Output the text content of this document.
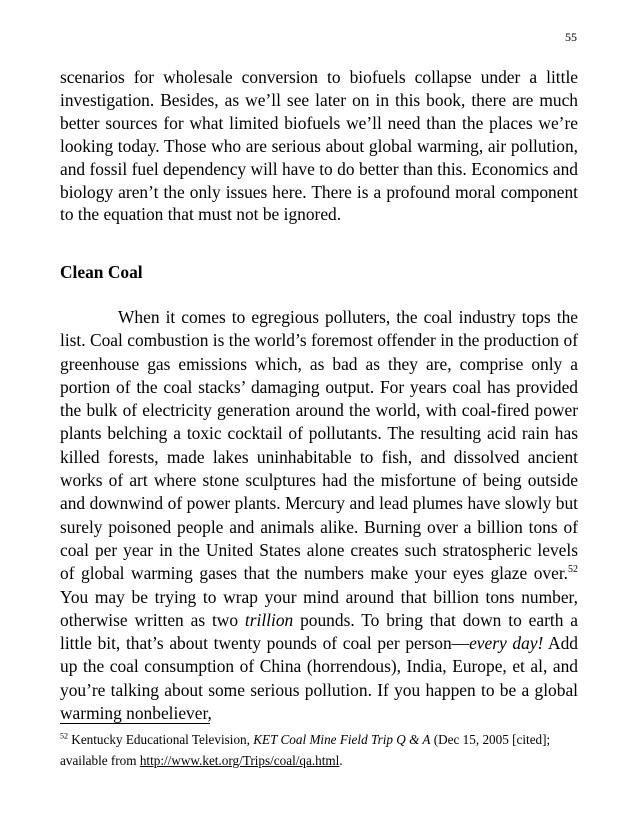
55

scenarios for wholesale conversion to biofuels collapse under a little investigation. Besides, as we’ll see later on in this book, there are much better sources for what limited biofuels we’ll need than the places we’re looking today. Those who are serious about global warming, air pollution, and fossil fuel dependency will have to do better than this. Economics and biology aren’t the only issues here. There is a profound moral component to the equation that must not be ignored.

Clean Coal

When it comes to egregious polluters, the coal industry tops the list. Coal combustion is the world’s foremost offender in the production of greenhouse gas emissions which, as bad as they are, comprise only a portion of the coal stacks’ damaging output. For years coal has provided the bulk of electricity generation around the world, with coal-fired power plants belching a toxic cocktail of pollutants. The resulting acid rain has killed forests, made lakes uninhabitable to fish, and dissolved ancient works of art where stone sculptures had the misfortune of being outside and downwind of power plants. Mercury and lead plumes have slowly but surely poisoned people and animals alike. Burning over a billion tons of coal per year in the United States alone creates such stratospheric levels of global warming gases that the numbers make your eyes glaze over.$^{52}$ You may be trying to wrap your mind around that billion tons number, otherwise written as two trillion pounds. To bring that down to earth a little bit, that’s about twenty pounds of coal per person—every day! Add up the coal consumption of China (horrendous), India, Europe, et al, and you’re talking about some serious pollution. If you happen to be a global warming nonbeliever,

$^{52}$ Kentucky Educational Television, KET Coal Mine Field Trip Q & A (Dec 15, 2005 [cited]; available from http://www.ket.org/Trips/coal/qa.html.
